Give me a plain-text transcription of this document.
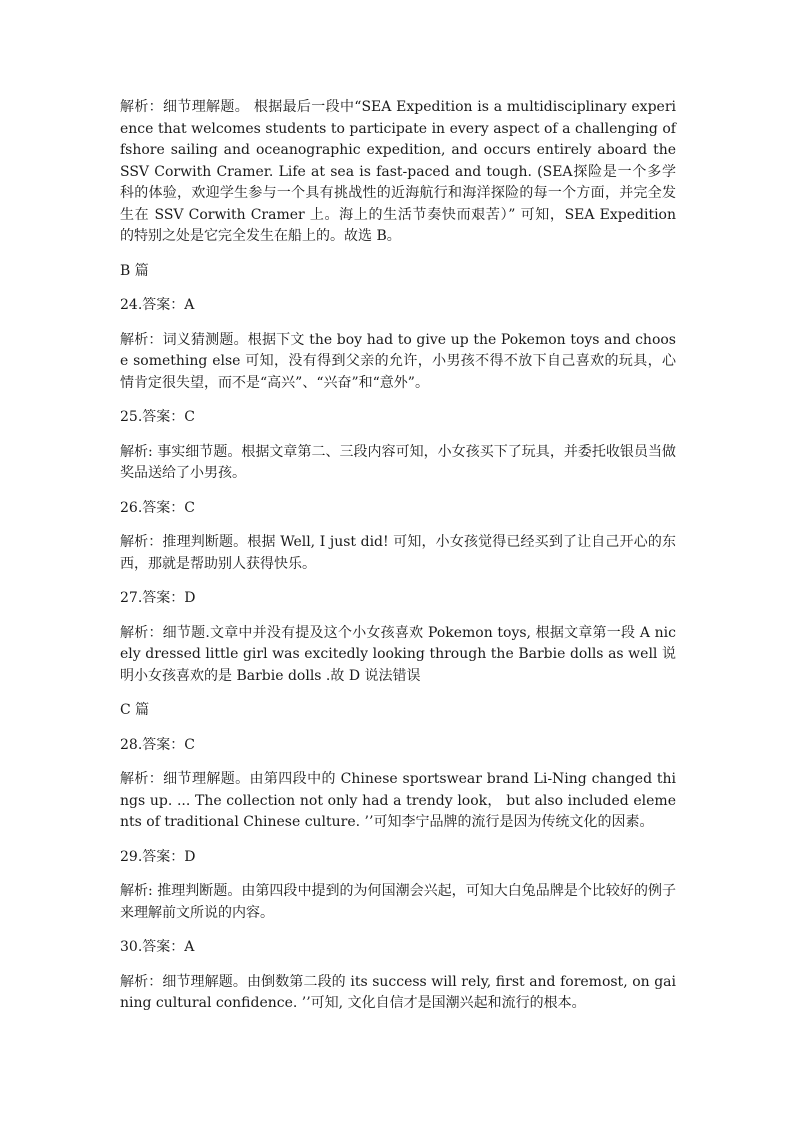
解析：细节理解题。 根据最后一段中“SEA Expedition is a multidisciplinary experience that welcomes students to participate in every aspect of a challenging offshore sailing and oceanographic expedition, and occurs entirely aboard the SSV Corwith Cramer. Life at sea is fast-paced and tough. (SEA探险是一个多学科的体验，欢迎学生参与一个具有挑战性的近海航行和海洋探险的每一个方面，并完全发生在 SSV Corwith Cramer 上。海上的生活节奏快而艰苦）” 可知，SEA Expedition 的特别之处是它完全发生在船上的。故选 B。

B 篇

24.答案：A

解析：词义猜测题。根据下文 the boy had to give up the Pokemon toys and choose something else 可知，没有得到父亲的允许，小男孩不得不放下自己喜欢的玩具，心情肯定很失望，而不是“高兴”、“兴奋”和“意外”。

25.答案：C

解析: 事实细节题。根据文章第二、三段内容可知，小女孩买下了玩具，并委托收银员当做奖品送给了小男孩。

26.答案：C

解析：推理判断题。根据 Well, I just did! 可知，小女孩觉得已经买到了让自己开心的东西，那就是帮助别人获得快乐。

27.答案：D

解析：细节题.文章中并没有提及这个小女孩喜欢 Pokemon toys, 根据文章第一段 A nicely dressed little girl was excitedly looking through the Barbie dolls as well 说明小女孩喜欢的是 Barbie dolls .故 D 说法错误

C 篇

28.答案：C

解析：细节理解题。由第四段中的 Chinese sportswear brand Li-Ning changed things up. ... The collection not only had a trendy look， but also included elements of traditional Chinese culture. ’’可知李宁品牌的流行是因为传统文化的因素。

29.答案：D

解析: 推理判断题。由第四段中提到的为何国潮会兴起，可知大白兔品牌是个比较好的例子来理解前文所说的内容。

30.答案：A

解析：细节理解题。由倒数第二段的 its success will rely, first and foremost, on gaining cultural confidence. ’’可知, 文化自信才是国潮兴起和流行的根本。
